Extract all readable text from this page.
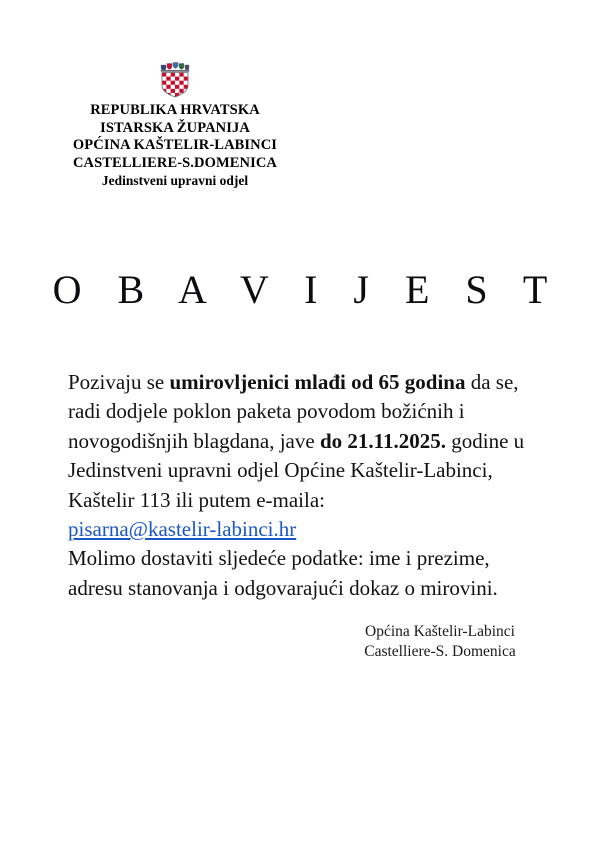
REPUBLIKA HRVATSKA
ISTARSKA ŽUPANIJA
OPĆINA KAŠTELIR-LABINCI
CASTELLIERE-S.DOMENICA
Jedinstveni upravni odjel
O B A V I J E S T

Pozivaju se umirovljenici mlađi od 65 godina da se, radi dodjele poklon paketa povodom božićnih i novogodišnjih blagdana, jave do 21.11.2025. godine u Jedinstveni upravni odjel Općine Kaštelir-Labinci, Kaštelir 113 ili putem e-maila:
pisarna@kastelir-labinci.hr

Molimo dostaviti sljedeće podatke: ime i prezime, adresu stanovanja i odgovarajući dokaz o mirovini.

Općina Kaštelir-Labinci
Castelliere-S. Domenica
